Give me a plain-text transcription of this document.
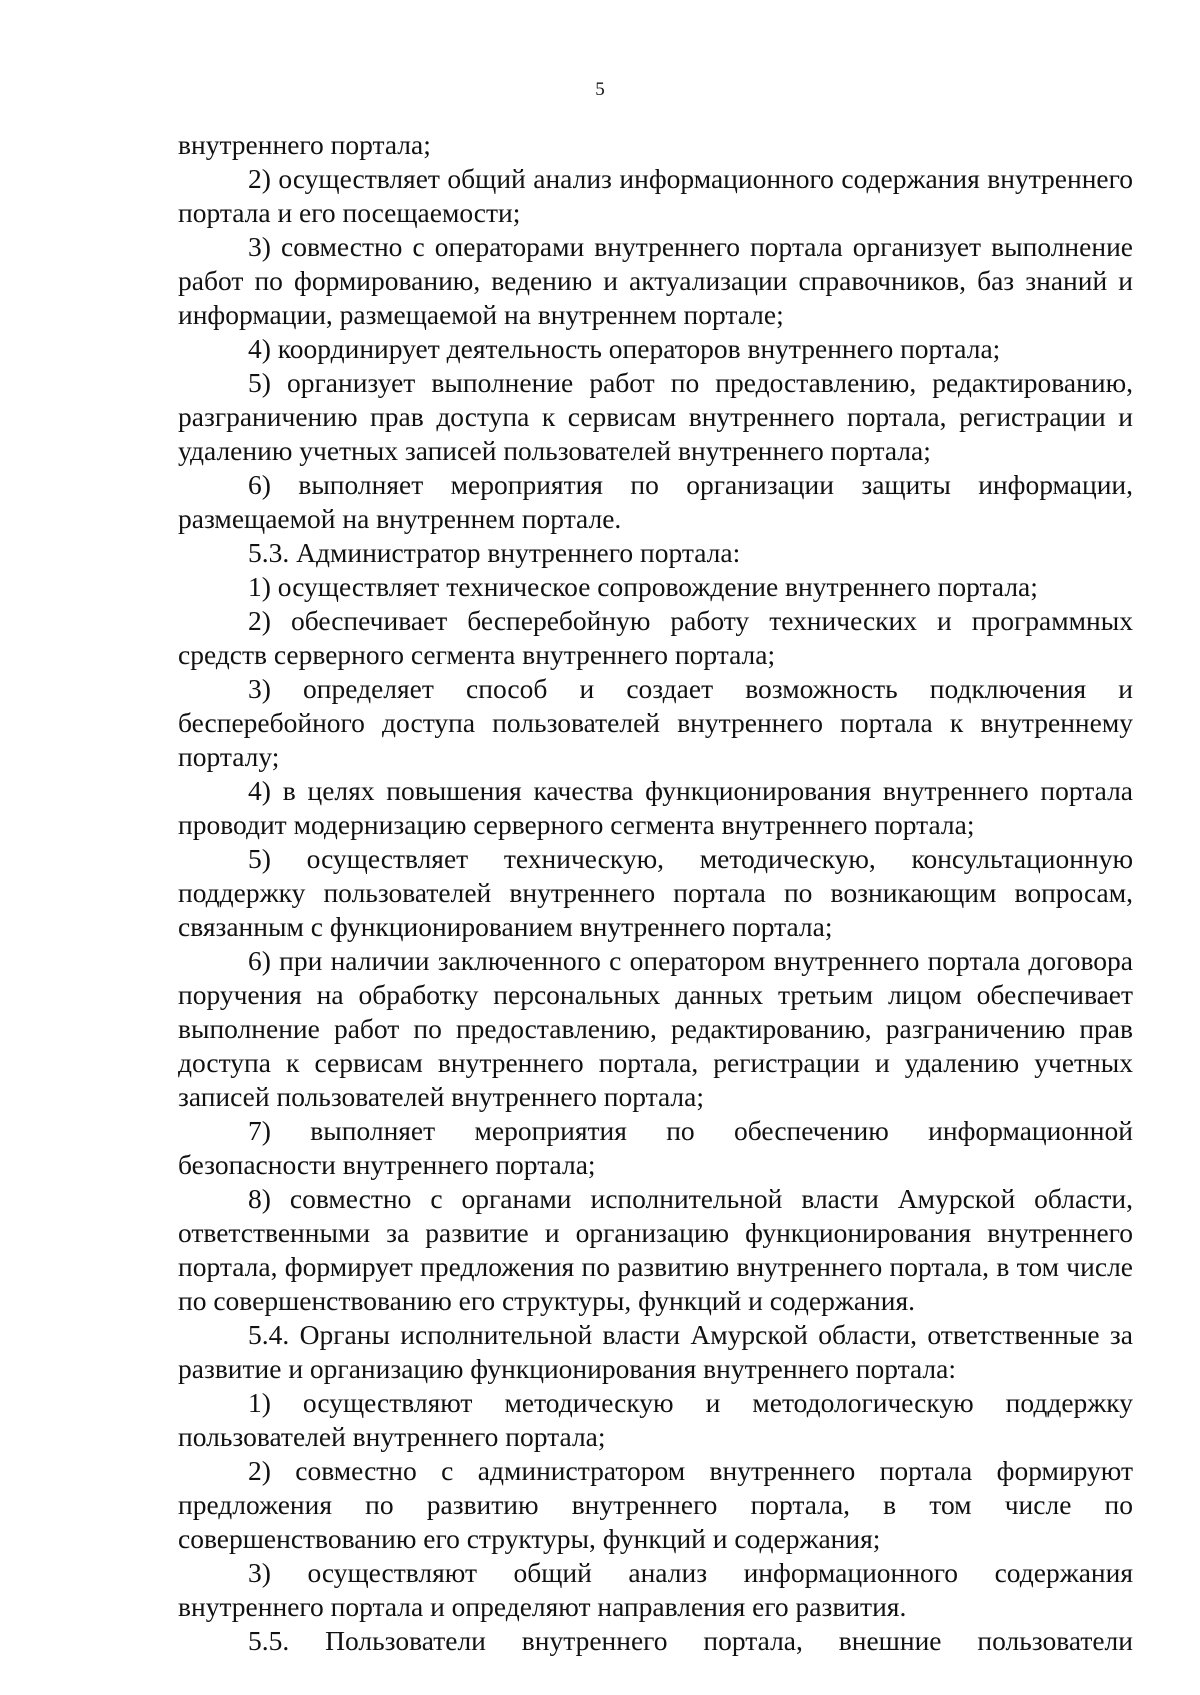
5

внутреннего портала;

2) осуществляет общий анализ информационного содержания внутреннего портала и его посещаемости;

3) совместно с операторами внутреннего портала организует выполнение работ по формированию, ведению и актуализации справочников, баз знаний и информации, размещаемой на внутреннем портале;

4) координирует деятельность операторов внутреннего портала;

5) организует выполнение работ по предоставлению, редактированию, разграничению прав доступа к сервисам внутреннего портала, регистрации и удалению учетных записей пользователей внутреннего портала;

6) выполняет мероприятия по организации защиты информации, размещаемой на внутреннем портале.

5.3. Администратор внутреннего портала:

1) осуществляет техническое сопровождение внутреннего портала;

2) обеспечивает бесперебойную работу технических и программных средств серверного сегмента внутреннего портала;

3) определяет способ и создает возможность подключения и бесперебойного доступа пользователей внутреннего портала к внутреннему порталу;

4) в целях повышения качества функционирования внутреннего портала проводит модернизацию серверного сегмента внутреннего портала;

5) осуществляет техническую, методическую, консультационную поддержку пользователей внутреннего портала по возникающим вопросам, связанным с функционированием внутреннего портала;

6) при наличии заключенного с оператором внутреннего портала договора поручения на обработку персональных данных третьим лицом обеспечивает выполнение работ по предоставлению, редактированию, разграничению прав доступа к сервисам внутреннего портала, регистрации и удалению учетных записей пользователей внутреннего портала;

7) выполняет мероприятия по обеспечению информационной безопасности внутреннего портала;

8) совместно с органами исполнительной власти Амурской области, ответственными за развитие и организацию функционирования внутреннего портала, формирует предложения по развитию внутреннего портала, в том числе по совершенствованию его структуры, функций и содержания.

5.4. Органы исполнительной власти Амурской области, ответственные за развитие и организацию функционирования внутреннего портала:

1) осуществляют методическую и методологическую поддержку пользователей внутреннего портала;

2) совместно с администратором внутреннего портала формируют предложения по развитию внутреннего портала, в том числе по совершенствованию его структуры, функций и содержания;

3) осуществляют общий анализ информационного содержания внутреннего портала и определяют направления его развития.

5.5. Пользователи внутреннего портала, внешние пользователи
